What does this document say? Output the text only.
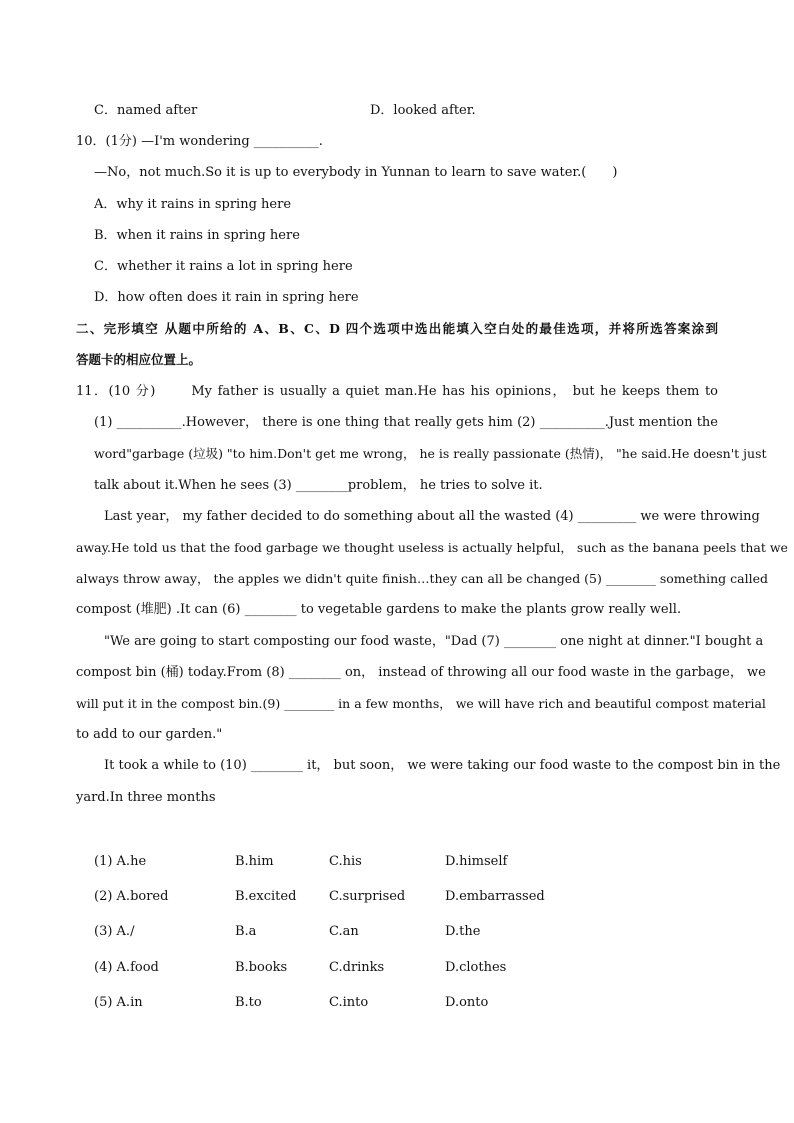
C．named after	D．looked after.
10．(1分) —I'm wondering __________.
—No，not much.So it is up to everybody in Yunnan to learn to save water.(　　)
A．why it rains in spring here
B．when it rains in spring here
C．whether it rains a lot in spring here
D．how often does it rain in spring here
二、完形填空 从题中所给的 A、B、C、D 四个选项中选出能填入空白处的最佳选项，并将所选答案涂到
答题卡的相应位置上。
11．(10 分)　　 My father is usually a quiet man.He has his opinions， but he keeps them to
(1) __________.However， there is one thing that really gets him (2) __________.Just mention the
word"garbage (垃圾) "to him.Don't get me wrong， he is really passionate (热情)， "he said.He doesn't just
talk about it.When he sees (3) ________problem， he tries to solve it.
Last year， my father decided to do something about all the wasted (4) _________ we were throwing
away.He told us that the food garbage we thought useless is actually helpful， such as the banana peels that we
always throw away， the apples we didn't quite finish…they can all be changed (5) ________ something called
compost (堆肥) .It can (6) ________ to vegetable gardens to make the plants grow really well.
"We are going to start composting our food waste，"Dad (7) ________ one night at dinner."I bought a
compost bin (桶) today.From (8) ________ on， instead of throwing all our food waste in the garbage， we
will put it in the compost bin.(9) ________ in a few months， we will have rich and beautiful compost material
to add to our garden."
It took a while to (10) ________ it， but soon， we were taking our food waste to the compost bin in the
yard.In three months
(1) A.he	B.him	C.his	D.himself
(2) A.bored	B.excited	C.surprised	D.embarrassed
(3) A./	B.a	C.an	D.the
(4) A.food	B.books	C.drinks	D.clothes
(5) A.in	B.to	C.into	D.onto
